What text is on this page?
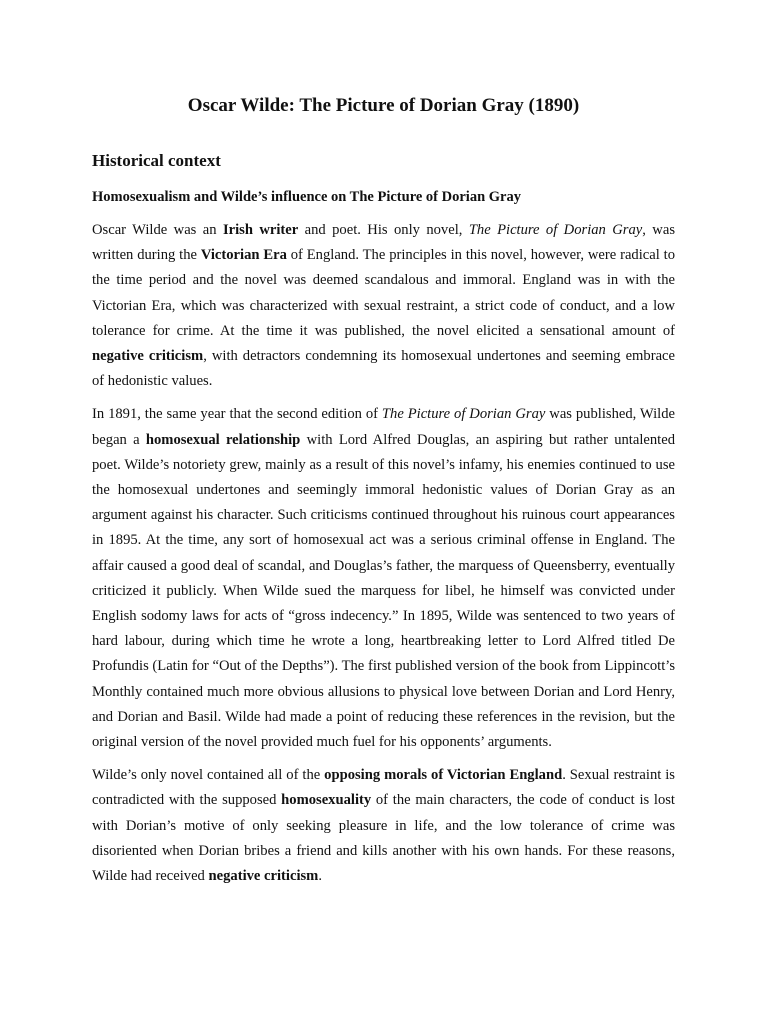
Oscar Wilde: The Picture of Dorian Gray (1890)
Historical context
Homosexualism and Wilde’s influence on The Picture of Dorian Gray

Oscar Wilde was an Irish writer and poet. His only novel, The Picture of Dorian Gray, was written during the Victorian Era of England. The principles in this novel, however, were radical to the time period and the novel was deemed scandalous and immoral. England was in with the Victorian Era, which was characterized with sexual restraint, a strict code of conduct, and a low tolerance for crime. At the time it was published, the novel elicited a sensational amount of negative criticism, with detractors condemning its homosexual undertones and seeming embrace of hedonistic values.

In 1891, the same year that the second edition of The Picture of Dorian Gray was published, Wilde began a homosexual relationship with Lord Alfred Douglas, an aspiring but rather untalented poet. Wilde’s notoriety grew, mainly as a result of this novel’s infamy, his enemies continued to use the homosexual undertones and seemingly immoral hedonistic values of Dorian Gray as an argument against his character. Such criticisms continued throughout his ruinous court appearances in 1895. At the time, any sort of homosexual act was a serious criminal offense in England. The affair caused a good deal of scandal, and Douglas’s father, the marquess of Queensberry, eventually criticized it publicly. When Wilde sued the marquess for libel, he himself was convicted under English sodomy laws for acts of “gross indecency.” In 1895, Wilde was sentenced to two years of hard labour, during which time he wrote a long, heartbreaking letter to Lord Alfred titled De Profundis (Latin for “Out of the Depths”). The first published version of the book from Lippincott’s Monthly contained much more obvious allusions to physical love between Dorian and Lord Henry, and Dorian and Basil. Wilde had made a point of reducing these references in the revision, but the original version of the novel provided much fuel for his opponents’ arguments.

Wilde’s only novel contained all of the opposing morals of Victorian England. Sexual restraint is contradicted with the supposed homosexuality of the main characters, the code of conduct is lost with Dorian’s motive of only seeking pleasure in life, and the low tolerance of crime was disoriented when Dorian bribes a friend and kills another with his own hands. For these reasons, Wilde had received negative criticism.
